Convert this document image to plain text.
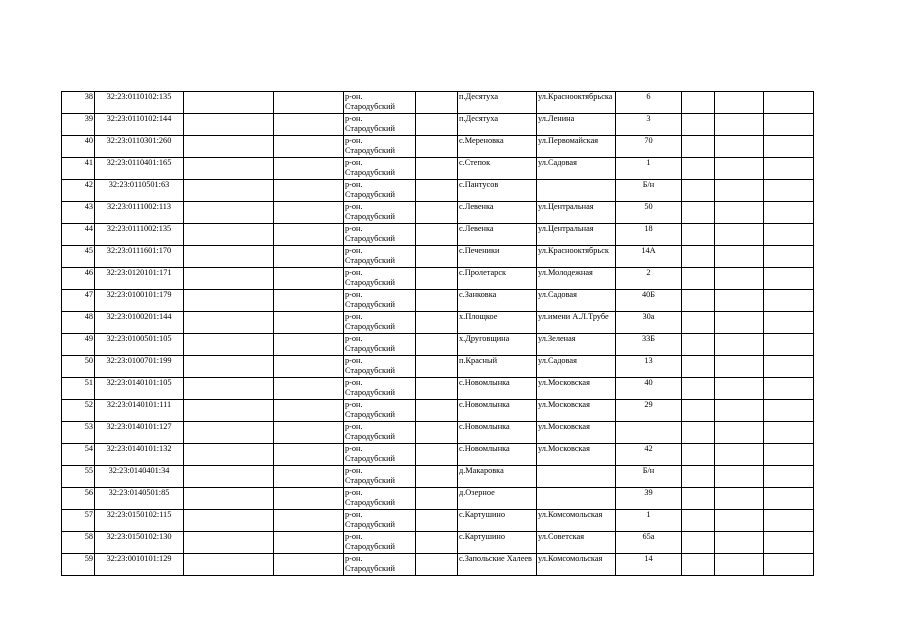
38	32:23:0110102:135			р-он.
Стародубский		п.Десятуха	ул.Краснооктябрьска	6			
39	32:23:0110102:144			р-он.
Стародубский		п.Десятуха	ул.Ленина	3			
40	32:23:0110301:260			р-он.
Стародубский		с.Мереновка	ул.Первомайская	70			
41	32:23:0110401:165			р-он.
Стародубский		с.Степок	ул.Садовая	1			
42	32:23:0110501:63			р-он.
Стародубский		с.Пантусов		Б/н			
43	32:23:0111002:113			р-он.
Стародубский		с.Левенка	ул.Центральная	50			
44	32:23:0111002:135			р-он.
Стародубский		с.Левенка	ул.Центральная	18			
45	32:23:0111601:170			р-он.
Стародубский		с.Печеники	ул.Краснооктябрьск	14А			
46	32:23:0120101:171			р-он.
Стародубский		с.Пролетарск	ул.Молодежная	2			
47	32:23:0100101:179			р-он.
Стародубский		с.Занковка	ул.Садовая	40Б			
48	32:23:0100201:144			р-он.
Стародубский		х.Площкое	ул.имени А.Л.Трубе	30а			
49	32:23:0100501:105			р-он.
Стародубский		х.Друговщина	ул.Зеленая	33Б			
50	32:23:0100701:199			р-он.
Стародубский		п.Красный	ул.Садовая	13			
51	32:23:0140101:105			р-он.
Стародубский		с.Новомлынка	ул.Московская	40			
52	32:23:0140101:111			р-он.
Стародубский		с.Новомлынка	ул.Московская	29			
53	32:23:0140101:127			р-он.
Стародубский		с.Новомлынка	ул.Московская				
54	32:23:0140101:132			р-он.
Стародубский		с.Новомлынка	ул.Московская	42			
55	32:23:0140401:34			р-он.
Стародубский		д.Макаровка		Б/н			
56	32:23:0140501:85			р-он.
Стародубский		д.Озерное		39			
57	32:23:0150102:115			р-он.
Стародубский		с.Картушино	ул.Комсомольская	1			
58	32:23:0150102:130			р-он.
Стародубский		с.Картушино	ул.Советская	65а			
59	32:23:0010101:129			р-он.
Стародубский		с.Запольские Халеев	ул.Комсомольская	14			
